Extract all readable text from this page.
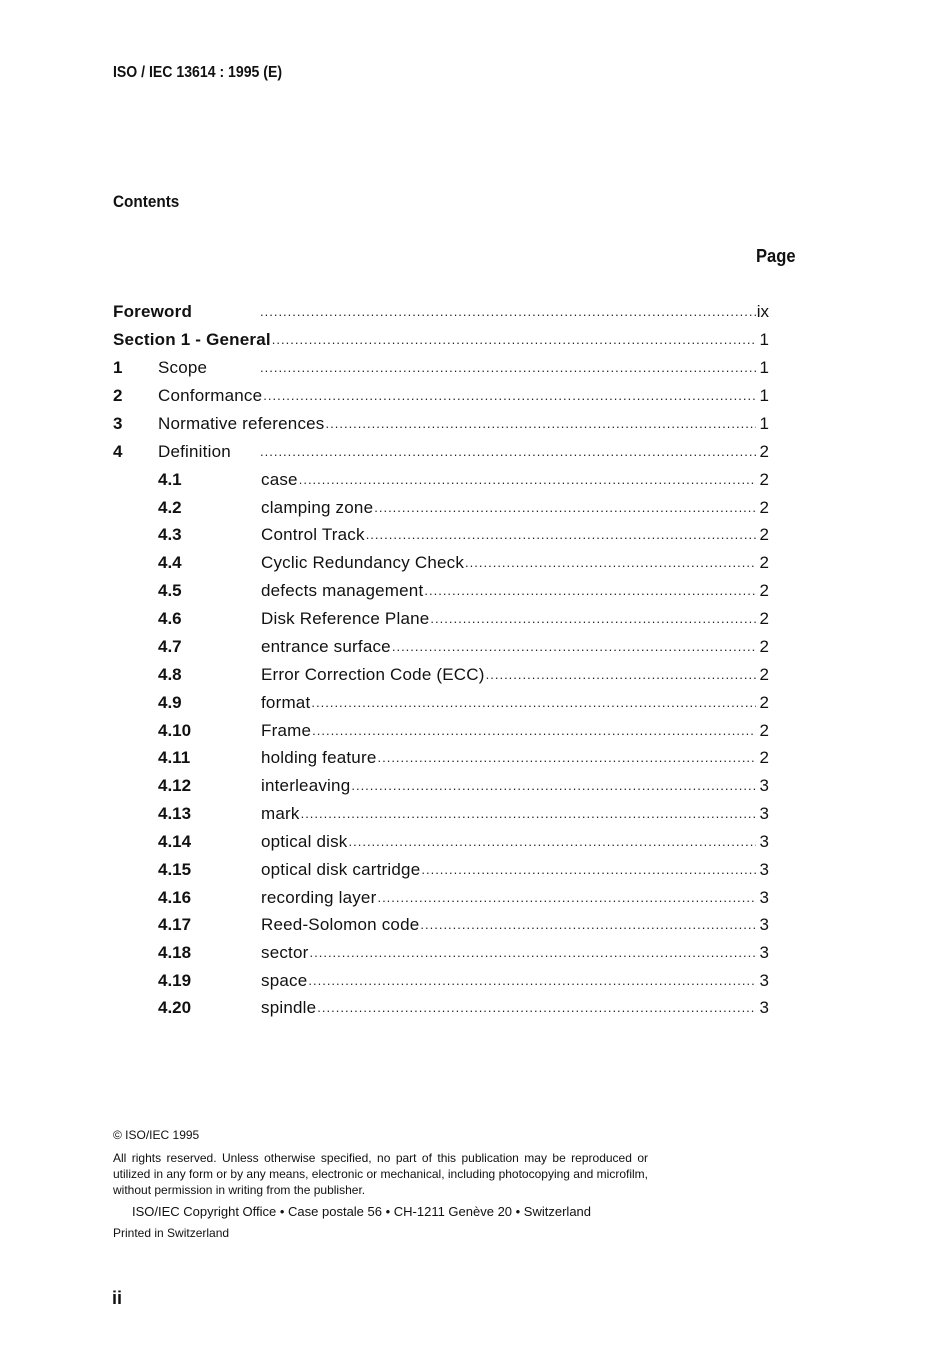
ISO / IEC 13614 : 1995 (E)
Contents
Page
Foreword .....	ix
Section 1 - General .....	1
1	Scope .....	1
2	Conformance .....	1
3	Normative references .....	1
4	Definition .....	2
4.1	case .....	2
4.2	clamping zone .....	2
4.3	Control Track .....	2
4.4	Cyclic Redundancy Check .....	2
4.5	defects management .....	2
4.6	Disk Reference Plane .....	2
4.7	entrance surface .....	2
4.8	Error Correction Code (ECC) .....	2
4.9	format .....	2
4.10	Frame .....	2
4.11	holding feature .....	2
4.12	interleaving .....	3
4.13	mark .....	3
4.14	optical disk .....	3
4.15	optical disk cartridge .....	3
4.16	recording layer .....	3
4.17	Reed-Solomon code .....	3
4.18	sector .....	3
4.19	space .....	3
4.20	spindle .....	3
© ISO/IEC 1995
All rights reserved. Unless otherwise specified, no part of this publication may be reproduced or utilized in any form or by any means, electronic or mechanical, including photocopying and microfilm, without permission in writing from the publisher.
ISO/IEC Copyright Office • Case postale 56 • CH-1211 Genève 20 • Switzerland
Printed in Switzerland
ii
